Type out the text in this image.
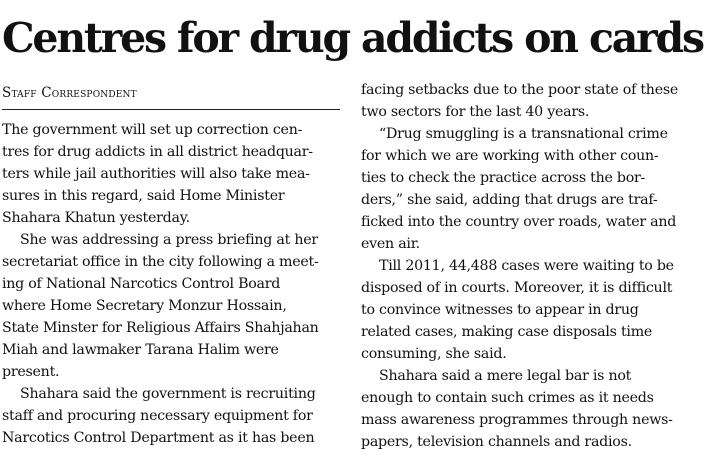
Centres for drug addicts on cards
Staff Correspondent
The government will set up correction cen-
tres for drug addicts in all district headquar-
ters while jail authorities will also take mea-
sures in this regard, said Home Minister
Shahara Khatun yesterday.
She was addressing a press briefing at her
secretariat office in the city following a meet-
ing of National Narcotics Control Board
where Home Secretary Monzur Hossain,
State Minster for Religious Affairs Shahjahan
Miah and lawmaker Tarana Halim were
present.
Shahara said the government is recruiting
staff and procuring necessary equipment for
Narcotics Control Department as it has been
facing setbacks due to the poor state of these
two sectors for the last 40 years.
“Drug smuggling is a transnational crime
for which we are working with other coun-
ties to check the practice across the bor-
ders,” she said, adding that drugs are traf-
ficked into the country over roads, water and
even air.
Till 2011, 44,488 cases were waiting to be
disposed of in courts. Moreover, it is difficult
to convince witnesses to appear in drug
related cases, making case disposals time
consuming, she said.
Shahara said a mere legal bar is not
enough to contain such crimes as it needs
mass awareness programmes through news-
papers, television channels and radios.
